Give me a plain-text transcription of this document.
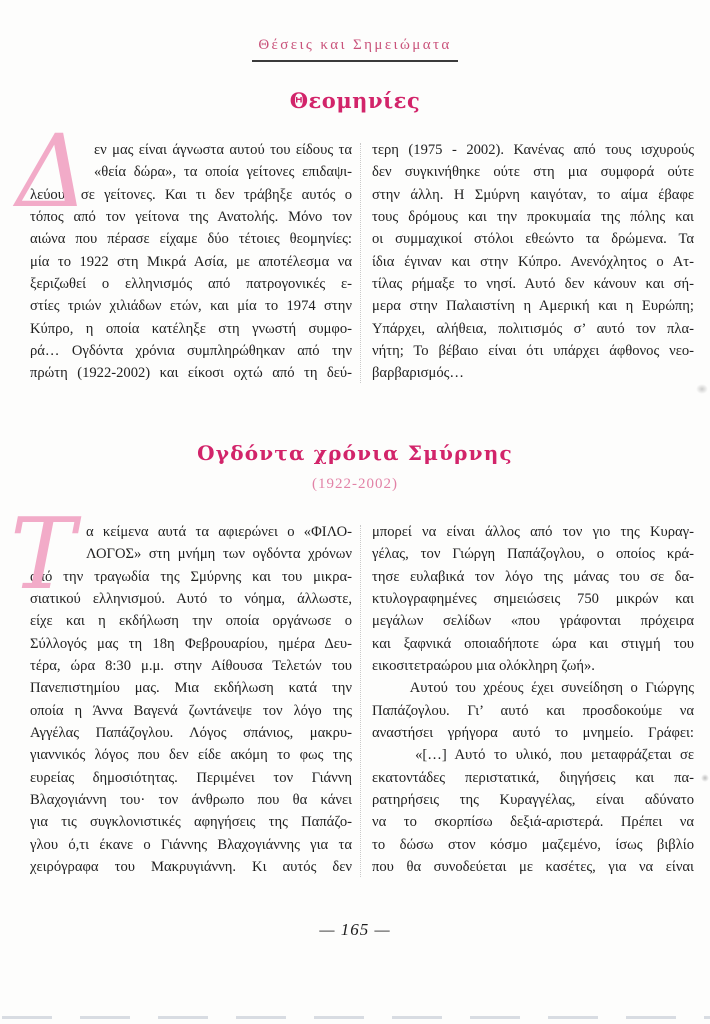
Θέσεις και Σημειώματα
Θεομηνίες
Δ εν μας είναι άγνωστα αυτού του είδους τα
«θεία δώρα», τα οποία γείτονες επιδαψι-
λεύουν σε γείτονες. Και τι δεν τράβηξε αυτός ο
τόπος από τον γείτονα της Ανατολής. Μόνο τον
αιώνα που πέρασε είχαμε δύο τέτοιες θεομηνίες:
μία το 1922 στη Μικρά Ασία, με αποτέλεσμα να
ξεριζωθεί ο ελληνισμός από πατρογονικές ε-
στίες τριών χιλιάδων ετών, και μία το 1974 στην
Κύπρο, η οποία κατέληξε στη γνωστή συμφο-
ρά… Ογδόντα χρόνια συμπληρώθηκαν από την
πρώτη (1922-2002) και είκοσι οχτώ από τη δεύ-
τερη (1975 - 2002). Κανένας από τους ισχυρούς
δεν συγκινήθηκε ούτε στη μια συμφορά ούτε
στην άλλη. Η Σμύρνη καιγόταν, το αίμα έβαφε
τους δρόμους και την προκυμαία της πόλης και
οι συμμαχικοί στόλοι εθεώντο τα δρώμενα. Τα
ίδια έγιναν και στην Κύπρο. Ανενόχλητος ο Ατ-
τίλας ρήμαξε το νησί. Αυτό δεν κάνουν και σή-
μερα στην Παλαιστίνη η Αμερική και η Ευρώπη;
Υπάρχει, αλήθεια, πολιτισμός σ’ αυτό τον πλα-
νήτη; Το βέβαιο είναι ότι υπάρχει άφθονος νεο-
βαρβαρισμός…
Ογδόντα χρόνια Σμύρνης
(1922-2002)
Τ α κείμενα αυτά τα αφιερώνει ο «ΦΙΛΟ-
ΛΟΓΟΣ» στη μνήμη των ογδόντα χρόνων
από την τραγωδία της Σμύρνης και του μικρα-
σιατικού ελληνισμού. Αυτό το νόημα, άλλωστε,
είχε και η εκδήλωση την οποία οργάνωσε ο
Σύλλογός μας τη 18η Φεβρουαρίου, ημέρα Δευ-
τέρα, ώρα 8:30 μ.μ. στην Αίθουσα Τελετών του
Πανεπιστημίου μας. Μια εκδήλωση κατά την
οποία η Άννα Βαγενά ζωντάνεψε τον λόγο της
Αγγέλας Παπάζογλου. Λόγος σπάνιος, μακρυ-
γιαννικός λόγος που δεν είδε ακόμη το φως της
ευρείας δημοσιότητας. Περιμένει τον Γιάννη
Βλαχογιάννη του· τον άνθρωπο που θα κάνει
για τις συγκλονιστικές αφηγήσεις της Παπάζο-
γλου ό,τι έκανε ο Γιάννης Βλαχογιάννης για τα
χειρόγραφα του Μακρυγιάννη. Κι αυτός δεν
μπορεί να είναι άλλος από τον γιο της Κυραγ-
γέλας, τον Γιώργη Παπάζογλου, ο οποίος κρά-
τησε ευλαβικά τον λόγο της μάνας του σε δα-
κτυλογραφημένες σημειώσεις 750 μικρών και
μεγάλων σελίδων «που γράφονται πρόχειρα
και ξαφνικά οποιαδήποτε ώρα και στιγμή του
εικοσιτετραώρου μια ολόκληρη ζωή».
Αυτού του χρέους έχει συνείδηση ο Γιώργης
Παπάζογλου. Γι’ αυτό και προσδοκούμε να
αναστήσει γρήγορα αυτό το μνημείο. Γράφει:
«[…] Αυτό το υλικό, που μεταφράζεται σε
εκατοντάδες περιστατικά, διηγήσεις και πα-
ρατηρήσεις της Κυραγγέλας, είναι αδύνατο
να το σκορπίσω δεξιά-αριστερά. Πρέπει να
το δώσω στον κόσμο μαζεμένο, ίσως βιβλίο
που θα συνοδεύεται με κασέτες, για να είναι
— 165 —
